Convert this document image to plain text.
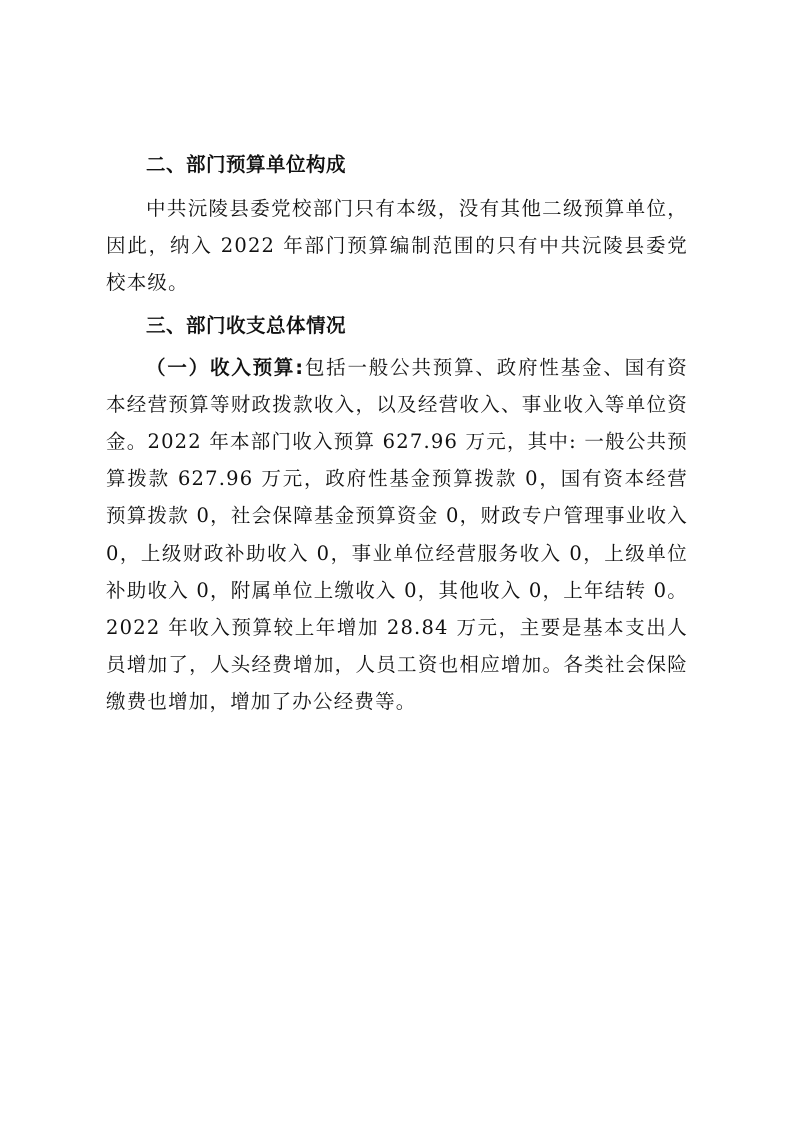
二、部门预算单位构成

中共沅陵县委党校部门只有本级，没有其他二级预算单位，因此，纳入 2022 年部门预算编制范围的只有中共沅陵县委党校本级。

三、部门收支总体情况

（一）收入预算:包括一般公共预算、政府性基金、国有资本经营预算等财政拨款收入，以及经营收入、事业收入等单位资金。2022 年本部门收入预算 627.96 万元，其中: 一般公共预算拨款 627.96 万元，政府性基金预算拨款 0，国有资本经营预算拨款 0，社会保障基金预算资金 0，财政专户管理事业收入 0，上级财政补助收入 0，事业单位经营服务收入 0，上级单位补助收入 0，附属单位上缴收入 0，其他收入 0，上年结转 0。2022 年收入预算较上年增加 28.84 万元，主要是基本支出人员增加了，人头经费增加，人员工资也相应增加。各类社会保险缴费也增加，增加了办公经费等。
